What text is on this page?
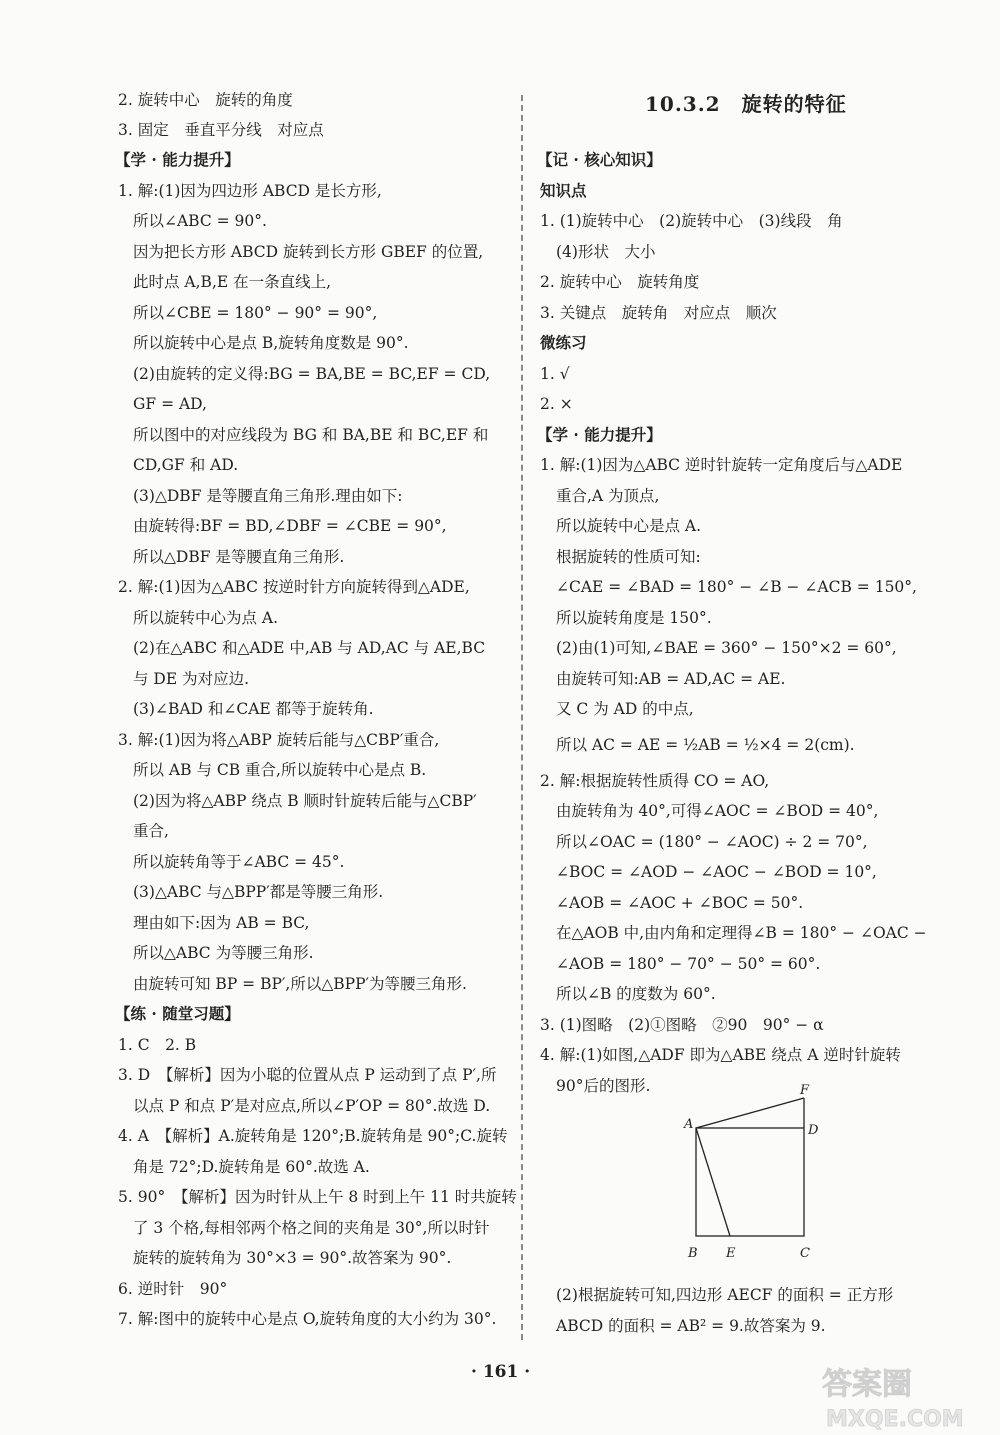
10.3.2　旋转的特征

2. 旋转中心　旋转的角度

3. 固定　垂直平分线　对应点

【学 · 能力提升】

1. 解:(1)因为四边形 ABCD 是长方形,

所以∠ABC = 90°.

因为把长方形 ABCD 旋转到长方形 GBEF 的位置,

此时点 A,B,E 在一条直线上,

所以∠CBE = 180° − 90° = 90°,

所以旋转中心是点 B,旋转角度数是 90°.

(2)由旋转的定义得:BG = BA,BE = BC,EF = CD,

GF = AD,

所以图中的对应线段为 BG 和 BA,BE 和 BC,EF 和

CD,GF 和 AD.

(3)△DBF 是等腰直角三角形.理由如下:

由旋转得:BF = BD,∠DBF = ∠CBE = 90°,

所以△DBF 是等腰直角三角形.

2. 解:(1)因为△ABC 按逆时针方向旋转得到△ADE,

所以旋转中心为点 A.

(2)在△ABC 和△ADE 中,AB 与 AD,AC 与 AE,BC

与 DE 为对应边.

(3)∠BAD 和∠CAE 都等于旋转角.

3. 解:(1)因为将△ABP 旋转后能与△CBP′重合,

所以 AB 与 CB 重合,所以旋转中心是点 B.

(2)因为将△ABP 绕点 B 顺时针旋转后能与△CBP′

重合,

所以旋转角等于∠ABC = 45°.

(3)△ABC 与△BPP′都是等腰三角形.

理由如下:因为 AB = BC,

所以△ABC 为等腰三角形.

由旋转可知 BP = BP′,所以△BPP′为等腰三角形.

【练 · 随堂习题】

1. C　2. B

3. D　【解析】因为小聪的位置从点 P 运动到了点 P′,所

以点 P 和点 P′是对应点,所以∠P′OP = 80°.故选 D.

4. A　【解析】A.旋转角是 120°;B.旋转角是 90°;C.旋转

角是 72°;D.旋转角是 60°.故选 A.

5. 90°　【解析】因为时针从上午 8 时到上午 11 时共旋转

了 3 个格,每相邻两个格之间的夹角是 30°,所以时针

旋转的旋转角为 30°×3 = 90°.故答案为 90°.

6. 逆时针　90°

7. 解:图中的旋转中心是点 O,旋转角度的大小约为 30°.

【记 · 核心知识】

知识点

1. (1)旋转中心　(2)旋转中心　(3)线段　角

(4)形状　大小

2. 旋转中心　旋转角度

3. 关键点　旋转角　对应点　顺次

微练习

1. √

2. ×

【学 · 能力提升】

1. 解:(1)因为△ABC 逆时针旋转一定角度后与△ADE

重合,A 为顶点,

所以旋转中心是点 A.

根据旋转的性质可知:

∠CAE = ∠BAD = 180° − ∠B − ∠ACB = 150°,

所以旋转角度是 150°.

(2)由(1)可知,∠BAE = 360° − 150°×2 = 60°,

由旋转可知:AB = AD,AC = AE.

又 C 为 AD 的中点,

所以 AC = AE = ½AB = ½×4 = 2(cm).

2. 解:根据旋转性质得 CO = AO,

由旋转角为 40°,可得∠AOC = ∠BOD = 40°,

所以∠OAC = (180° − ∠AOC) ÷ 2 = 70°,

∠BOC = ∠AOD − ∠AOC − ∠BOD = 10°,

∠AOB = ∠AOC + ∠BOC = 50°.

在△AOB 中,由内角和定理得∠B = 180° − ∠OAC −

∠AOB = 180° − 70° − 50° = 60°.

所以∠B 的度数为 60°.

3. (1)图略　(2)①图略　②90　90° − α

4. 解:(1)如图,△ADF 即为△ABE 绕点 A 逆时针旋转

90°后的图形.

(2)根据旋转可知,四边形 AECF 的面积 = 正方形

ABCD 的面积 = AB² = 9.故答案为 9.

A
B	C
D
E
F
· 161 ·	答案圈
MXQE.COM
